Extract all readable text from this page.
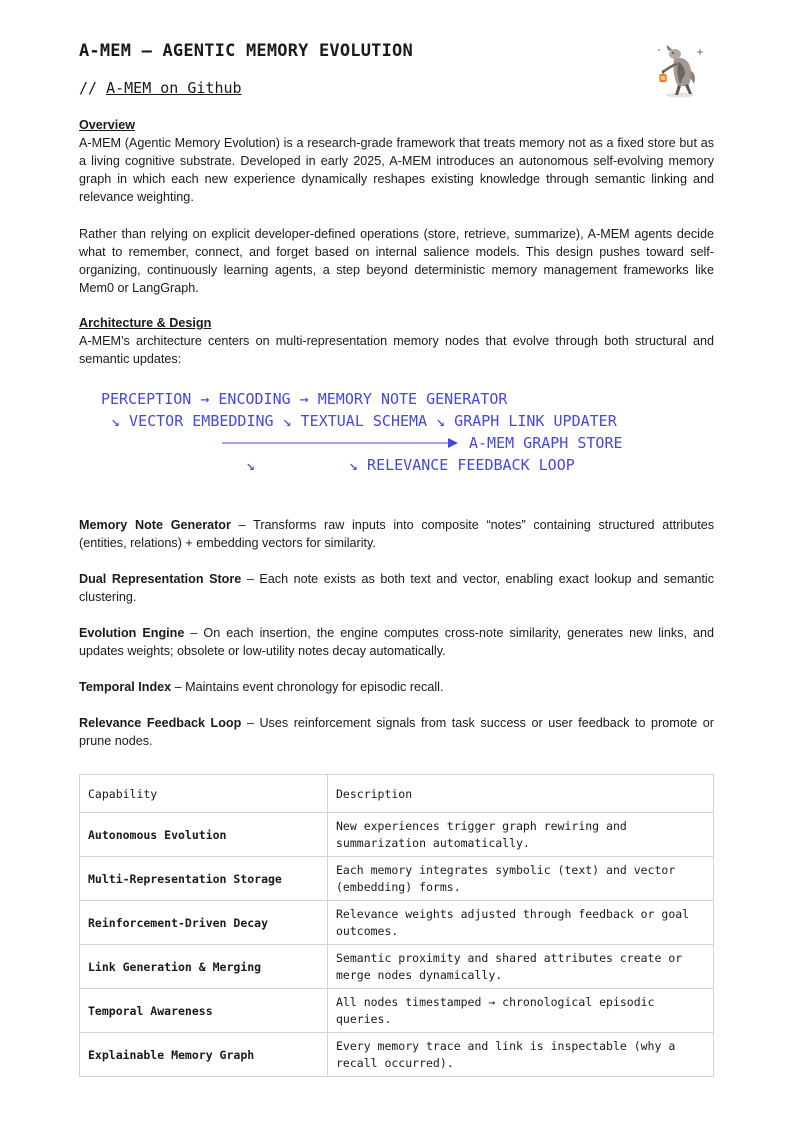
A-MEM — AGENTIC MEMORY EVOLUTION
// A-MEM on Github
Overview
A-MEM (Agentic Memory Evolution) is a research-grade framework that treats memory not as a fixed store but as a living cognitive substrate. Developed in early 2025, A-MEM introduces an autonomous self-evolving memory graph in which each new experience dynamically reshapes existing knowledge through semantic linking and relevance weighting.
Rather than relying on explicit developer-defined operations (store, retrieve, summarize), A-MEM agents decide what to remember, connect, and forget based on internal salience models. This design pushes toward self-organizing, continuously learning agents, a step beyond deterministic memory management frameworks like Mem0 or LangGraph.
Architecture & Design
A-MEM’s architecture centers on multi-representation memory nodes that evolve through both structural and semantic updates:

PERCEPTION → ENCODING → MEMORY NOTE GENERATOR

↘ VECTOR EMBEDDING ↘ TEXTUAL SCHEMA ↘ GRAPH LINK UPDATER

↘

A-MEM GRAPH STORE

↘ RELEVANCE FEEDBACK LOOP

Memory Note Generator – Transforms raw inputs into composite “notes” containing structured attributes (entities, relations) + embedding vectors for similarity.
Dual Representation Store – Each note exists as both text and vector, enabling exact lookup and semantic clustering.
Evolution Engine – On each insertion, the engine computes cross-note similarity, generates new links, and updates weights; obsolete or low-utility notes decay automatically.
Temporal Index – Maintains event chronology for episodic recall.
Relevance Feedback Loop – Uses reinforcement signals from task success or user feedback to promote or prune nodes.
Capability	Description
Autonomous Evolution	New experiences trigger graph rewiring and summarization automatically.
Multi-Representation Storage	Each memory integrates symbolic (text) and vector (embedding) forms.
Reinforcement-Driven Decay	Relevance weights adjusted through feedback or goal outcomes.
Link Generation & Merging	Semantic proximity and shared attributes create or merge nodes dynamically.
Temporal Awareness	All nodes timestamped → chronological episodic queries.
Explainable Memory Graph	Every memory trace and link is inspectable (why a recall occurred).
